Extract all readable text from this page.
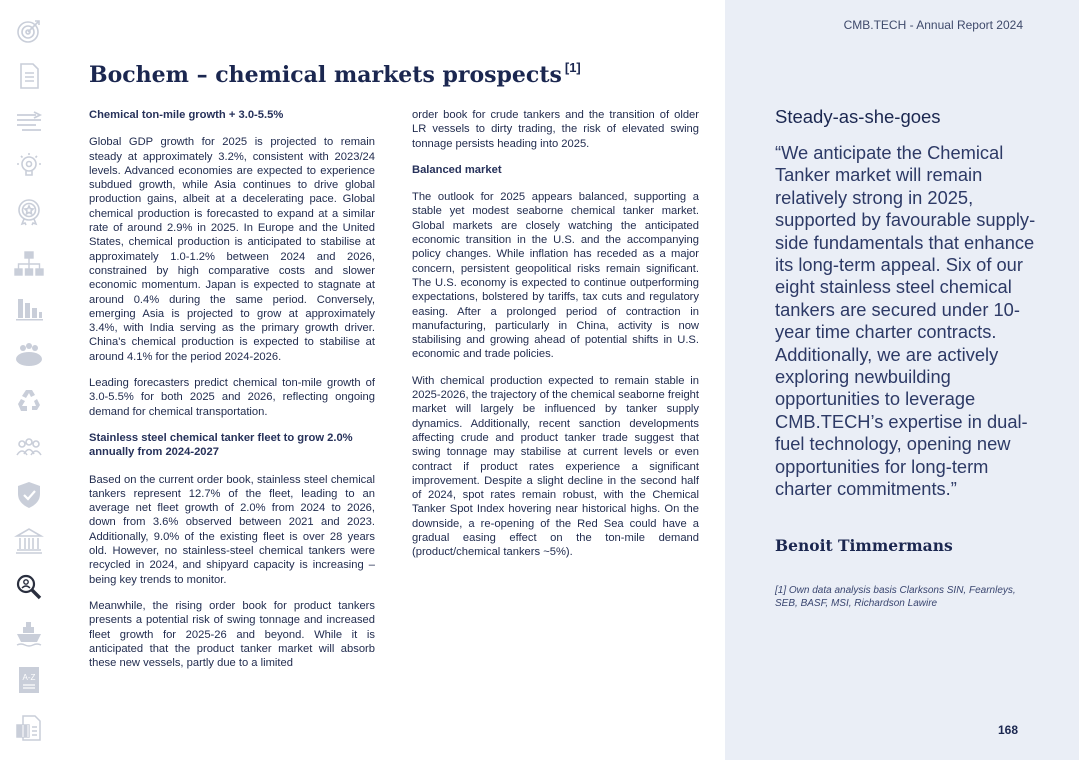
A-Z
CMB.TECH - Annual Report 2024
Bochem – chemical markets prospects [1]
Chemical ton-mile growth + 3.0-5.5%

Global GDP growth for 2025 is projected to remain steady at approximately 3.2%, consistent with 2023/24 levels. Advanced economies are expected to experience subdued growth, while Asia continues to drive global production gains, albeit at a decelerating pace. Global chemical production is forecasted to expand at a similar rate of around 2.9% in 2025. In Europe and the United States, chemical production is anticipated to stabilise at approximately 1.0-1.2% between 2024 and 2026, constrained by high comparative costs and slower economic momentum. Japan is expected to stagnate at around 0.4% during the same period. Conversely, emerging Asia is projected to grow at approximately 3.4%, with India serving as the primary growth driver. China's chemical production is expected to stabilise at around 4.1% for the period 2024-2026.

Leading forecasters predict chemical ton-mile growth of 3.0-5.5% for both 2025 and 2026, reflecting ongoing demand for chemical transportation.

Stainless steel chemical tanker fleet to grow 2.0% annually from 2024-2027

Based on the current order book, stainless steel chemical tankers represent 12.7% of the fleet, leading to an average net fleet growth of 2.0% from 2024 to 2026, down from 3.6% observed between 2021 and 2023. Additionally, 9.0% of the existing fleet is over 28 years old. However, no stainless-steel chemical tankers were recycled in 2024, and shipyard capacity is increasing – being key trends to monitor.

Meanwhile, the rising order book for product tankers presents a potential risk of swing tonnage and increased fleet growth for 2025-26 and beyond. While it is anticipated that the product tanker market will absorb these new vessels, partly due to a limited

order book for crude tankers and the transition of older LR vessels to dirty trading, the risk of elevated swing tonnage persists heading into 2025.

Balanced market

The outlook for 2025 appears balanced, supporting a stable yet modest seaborne chemical tanker market. Global markets are closely watching the anticipated economic transition in the U.S. and the accompanying policy changes. While inflation has receded as a major concern, persistent geopolitical risks remain significant. The U.S. economy is expected to continue outperforming expectations, bolstered by tariffs, tax cuts and regulatory easing. After a prolonged period of contraction in manufacturing, particularly in China, activity is now stabilising and growing ahead of potential shifts in U.S. economic and trade policies.

With chemical production expected to remain stable in 2025-2026, the trajectory of the chemical seaborne freight market will largely be influenced by tanker supply dynamics. Additionally, recent sanction developments affecting crude and product tanker trade suggest that swing tonnage may stabilise at current levels or even contract if product rates experience a significant improvement. Despite a slight decline in the second half of 2024, spot rates remain robust, with the Chemical Tanker Spot Index hovering near historical highs. On the downside, a re-opening of the Red Sea could have a gradual easing effect on the ton-mile demand (product/chemical tankers ~5%).

Steady-as-she-goes
“We anticipate the Chemical Tanker market will remain relatively strong in 2025, supported by favourable supply-side fundamentals that enhance its long-term appeal. Six of our eight stainless steel chemical tankers are secured under 10-year time charter contracts. Additionally, we are actively exploring newbuilding opportunities to leverage CMB.TECH’s expertise in dual-fuel technology, opening new opportunities for long-term charter commitments.”
Benoit Timmermans
[1] Own data analysis basis Clarksons SIN, Fearnleys, SEB, BASF, MSI, Richardson Lawire
168
